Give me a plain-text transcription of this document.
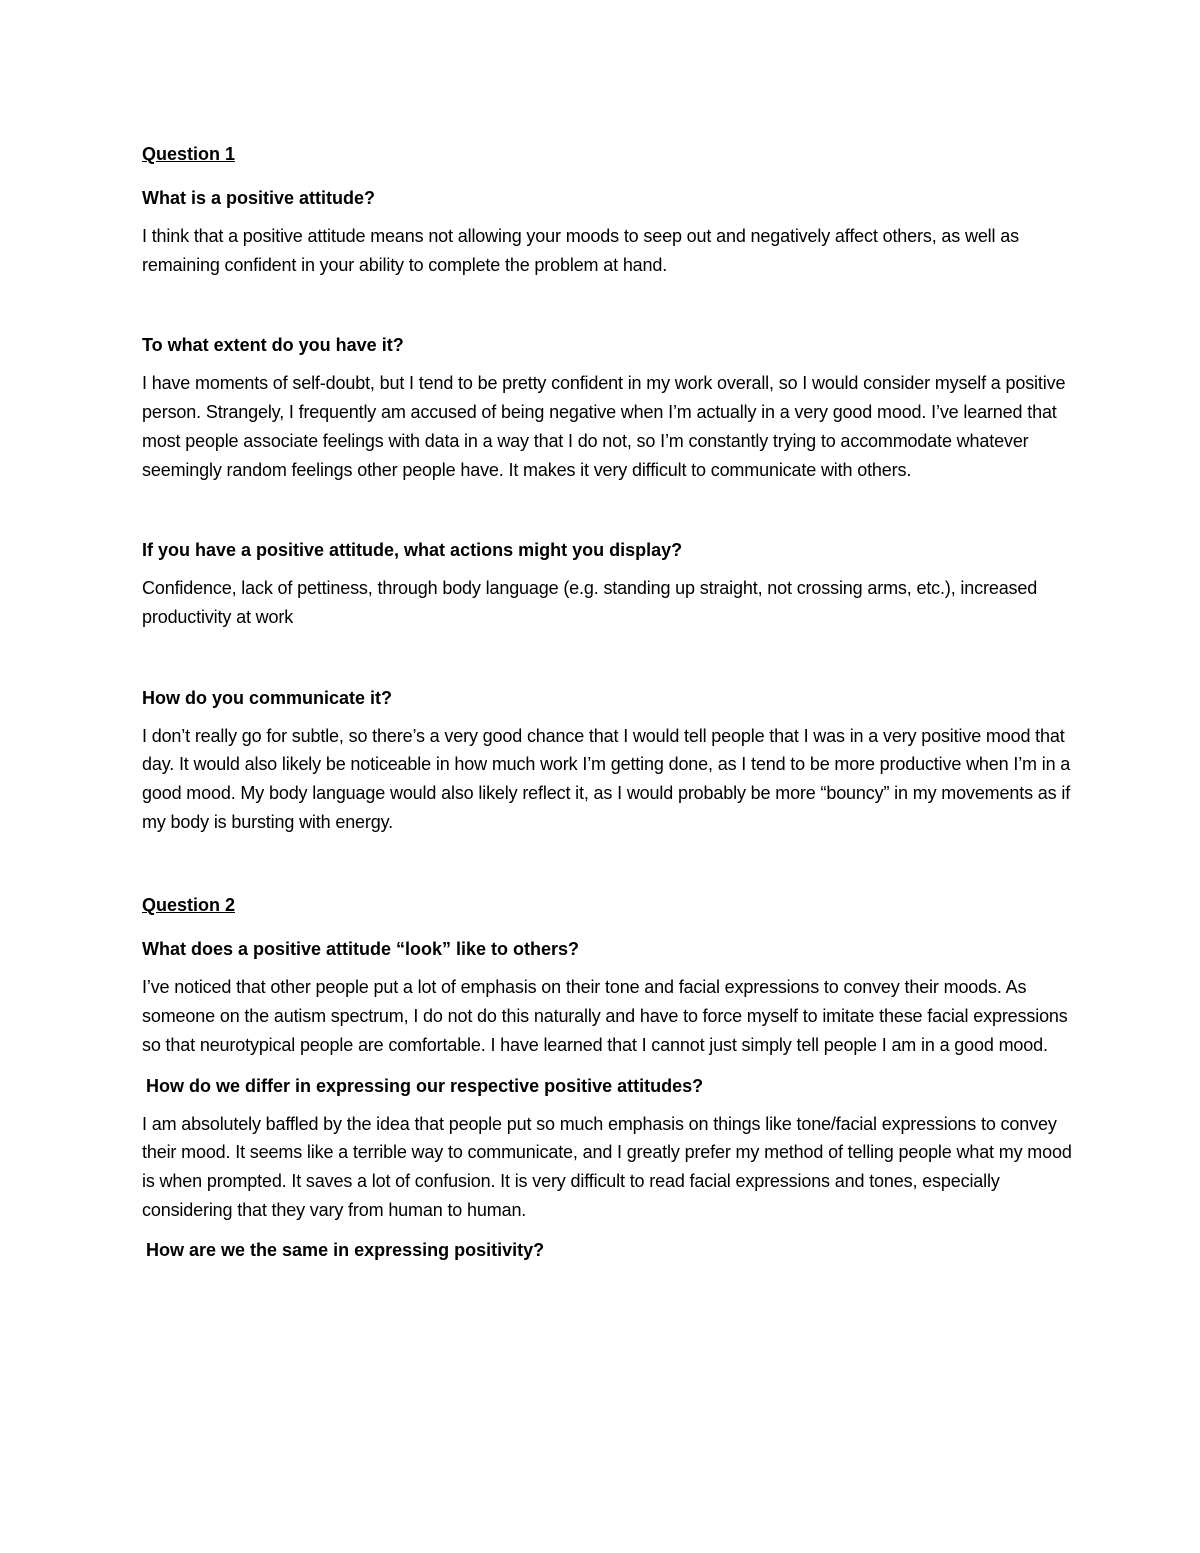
Question 1

What is a positive attitude?

I think that a positive attitude means not allowing your moods to seep out and negatively affect others, as well as remaining confident in your ability to complete the problem at hand.

To what extent do you have it?

I have moments of self-doubt, but I tend to be pretty confident in my work overall, so I would consider myself a positive person. Strangely, I frequently am accused of being negative when I’m actually in a very good mood. I’ve learned that most people associate feelings with data in a way that I do not, so I’m constantly trying to accommodate whatever seemingly random feelings other people have. It makes it very difficult to communicate with others.

If you have a positive attitude, what actions might you display?

Confidence, lack of pettiness, through body language (e.g. standing up straight, not crossing arms, etc.), increased productivity at work

How do you communicate it?

I don’t really go for subtle, so there’s a very good chance that I would tell people that I was in a very positive mood that day. It would also likely be noticeable in how much work I’m getting done, as I tend to be more productive when I’m in a good mood. My body language would also likely reflect it, as I would probably be more “bouncy” in my movements as if my body is bursting with energy.

Question 2

What does a positive attitude “look” like to others?

I’ve noticed that other people put a lot of emphasis on their tone and facial expressions to convey their moods. As someone on the autism spectrum, I do not do this naturally and have to force myself to imitate these facial expressions so that neurotypical people are comfortable. I have learned that I cannot just simply tell people I am in a good mood.

How do we differ in expressing our respective positive attitudes?

I am absolutely baffled by the idea that people put so much emphasis on things like tone/facial expressions to convey their mood. It seems like a terrible way to communicate, and I greatly prefer my method of telling people what my mood is when prompted. It saves a lot of confusion. It is very difficult to read facial expressions and tones, especially considering that they vary from human to human.

How are we the same in expressing positivity?
